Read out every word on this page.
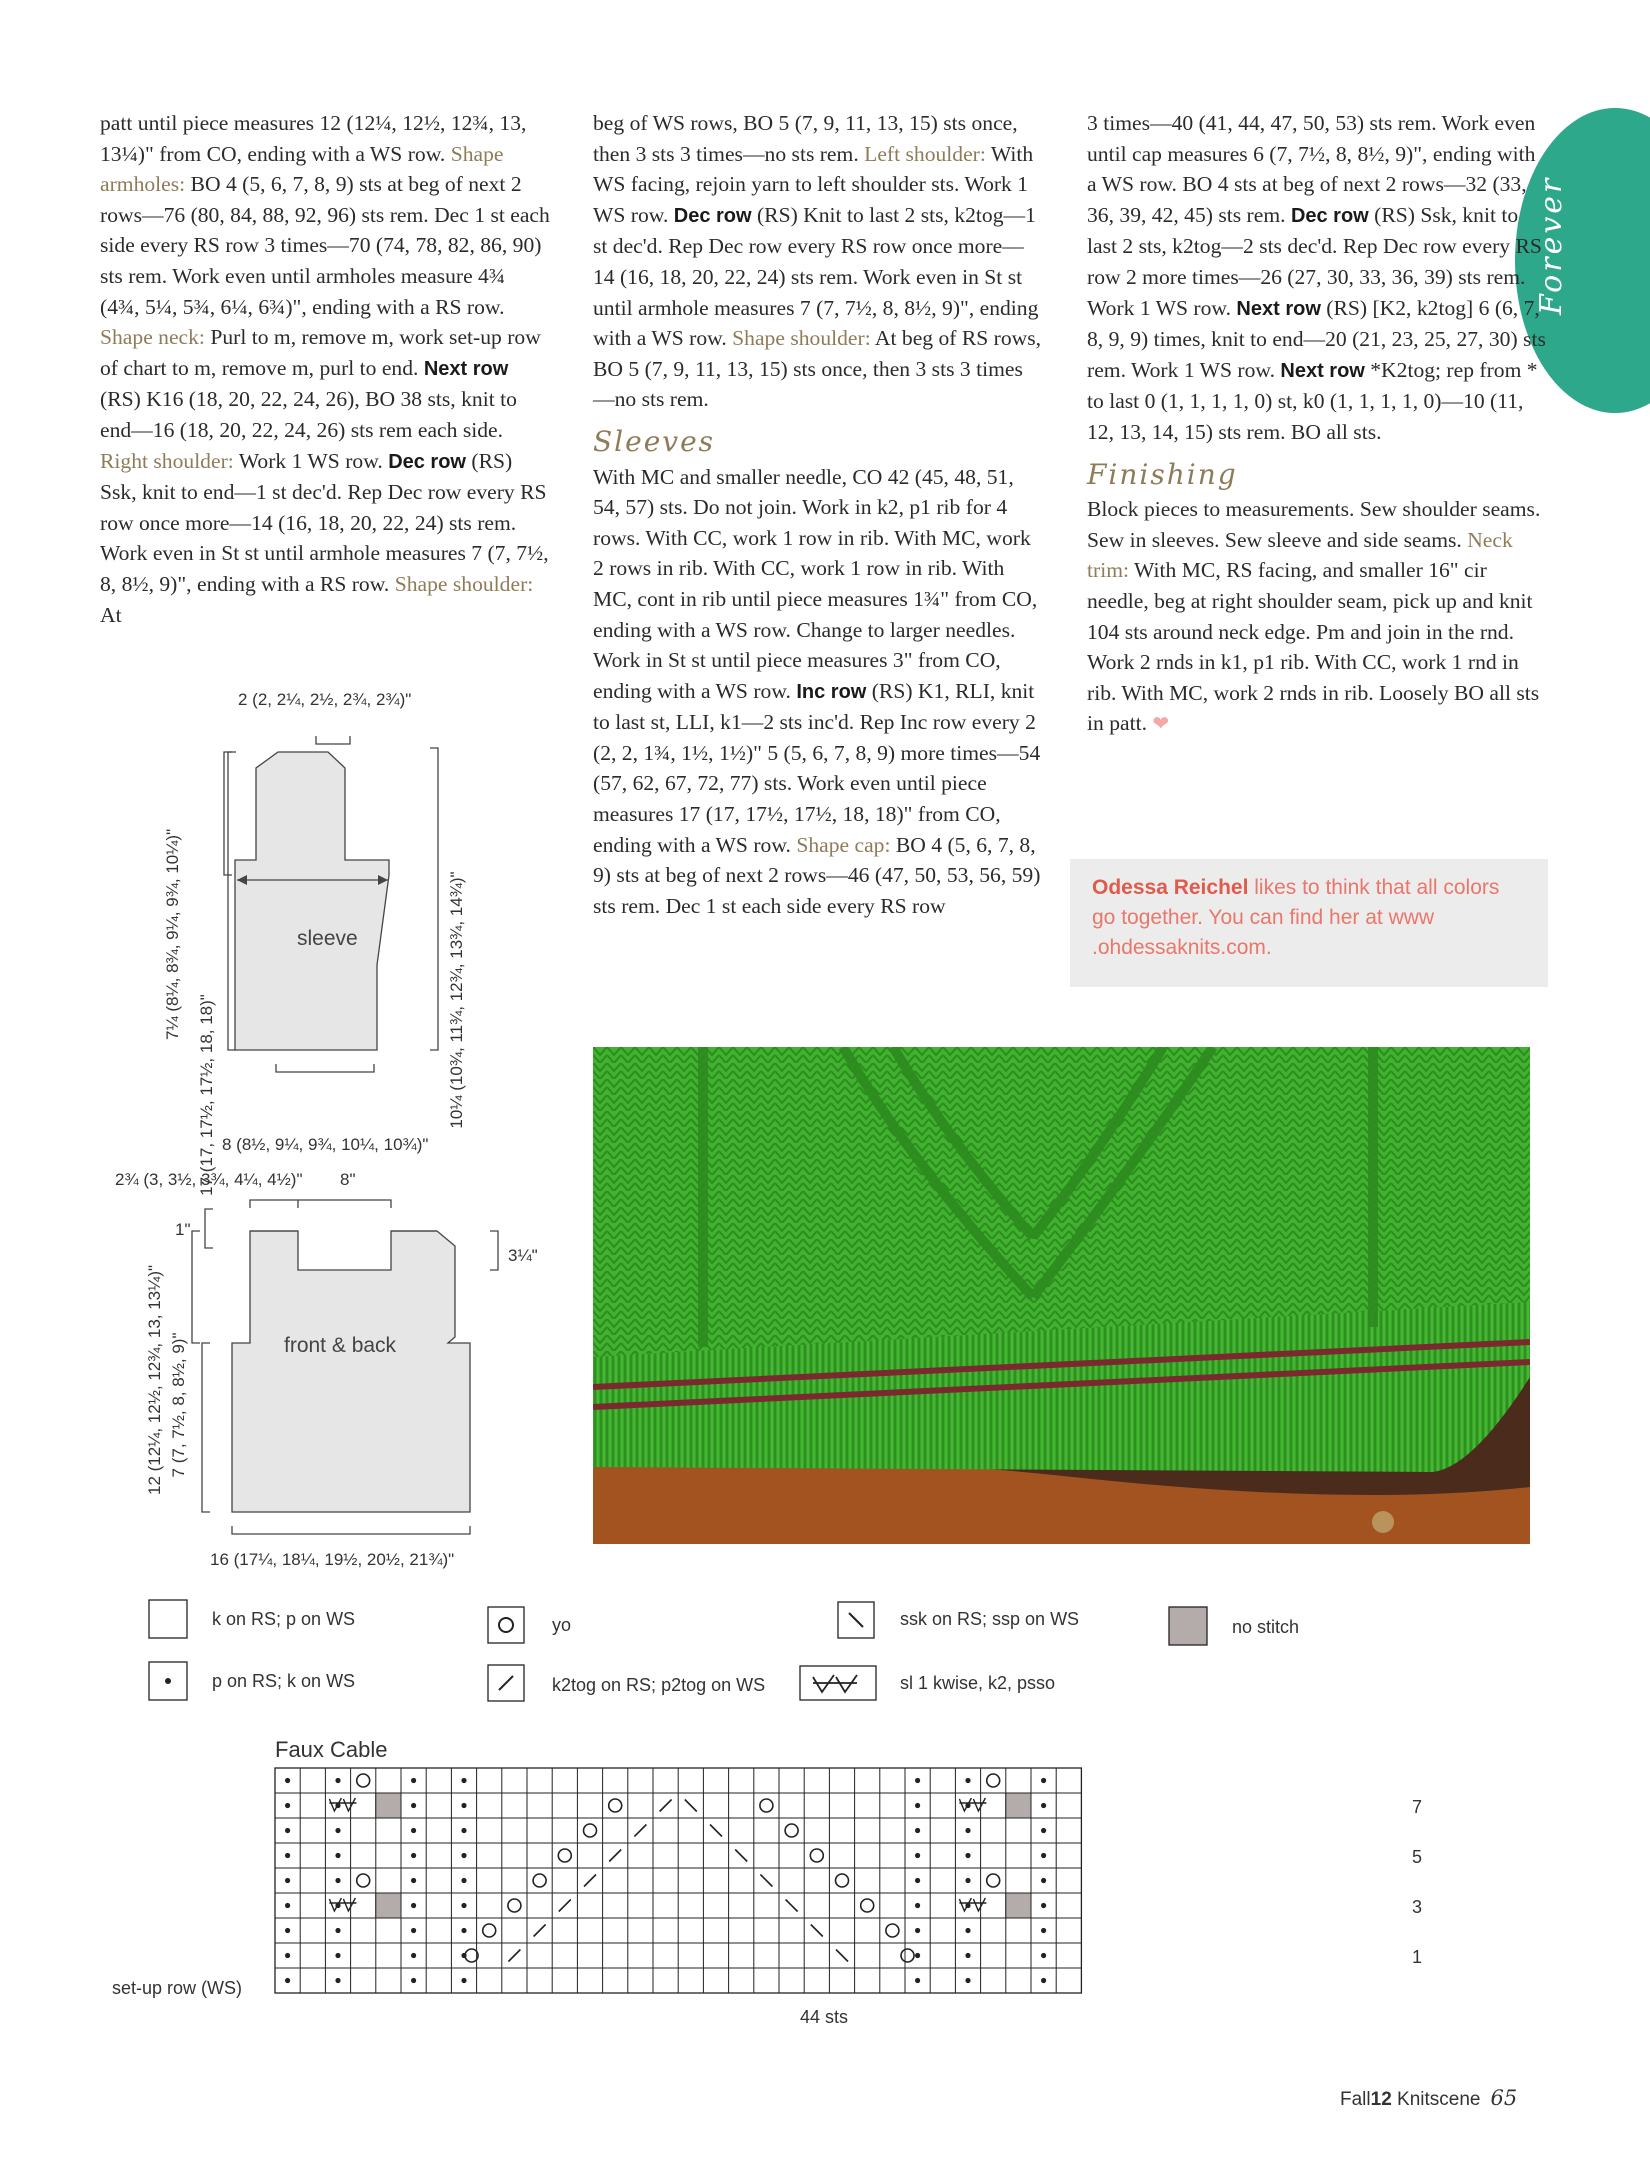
Forever

patt until piece measures 12 (12¼, 12½, 12¾, 13, 13¼)" from CO, ending with a WS row. Shape armholes: BO 4 (5, 6, 7, 8, 9) sts at beg of next 2 rows—76 (80, 84, 88, 92, 96) sts rem. Dec 1 st each side every RS row 3 times—70 (74, 78, 82, 86, 90) sts rem. Work even until armholes measure 4¾ (4¾, 5¼, 5¾, 6¼, 6¾)", ending with a RS row. Shape neck: Purl to m, remove m, work set-up row of chart to m, remove m, purl to end. Next row (RS) K16 (18, 20, 22, 24, 26), BO 38 sts, knit to end—16 (18, 20, 22, 24, 26) sts rem each side. Right shoulder: Work 1 WS row. Dec row (RS) Ssk, knit to end—1 st dec'd. Rep Dec row every RS row once more—14 (16, 18, 20, 22, 24) sts rem. Work even in St st until armhole measures 7 (7, 7½, 8, 8½, 9)", ending with a RS row. Shape shoulder: At

beg of WS rows, BO 5 (7, 9, 11, 13, 15) sts once, then 3 sts 3 times—no sts rem. Left shoulder: With WS facing, rejoin yarn to left shoulder sts. Work 1 WS row. Dec row (RS) Knit to last 2 sts, k2tog—1 st dec'd. Rep Dec row every RS row once more—14 (16, 18, 20, 22, 24) sts rem. Work even in St st until armhole measures 7 (7, 7½, 8, 8½, 9)", ending with a WS row. Shape shoulder: At beg of RS rows, BO 5 (7, 9, 11, 13, 15) sts once, then 3 sts 3 times—no sts rem.

Sleeves

With MC and smaller needle, CO 42 (45, 48, 51, 54, 57) sts. Do not join. Work in k2, p1 rib for 4 rows. With CC, work 1 row in rib. With MC, work 2 rows in rib. With CC, work 1 row in rib. With MC, cont in rib until piece measures 1¾" from CO, ending with a WS row. Change to larger needles. Work in St st until piece measures 3" from CO, ending with a WS row. Inc row (RS) K1, RLI, knit to last st, LLI, k1—2 sts inc'd. Rep Inc row every 2 (2, 2, 1¾, 1½, 1½)" 5 (5, 6, 7, 8, 9) more times—54 (57, 62, 67, 72, 77) sts. Work even until piece measures 17 (17, 17½, 17½, 18, 18)" from CO, ending with a WS row. Shape cap: BO 4 (5, 6, 7, 8, 9) sts at beg of next 2 rows—46 (47, 50, 53, 56, 59) sts rem. Dec 1 st each side every RS row

3 times—40 (41, 44, 47, 50, 53) sts rem. Work even until cap measures 6 (7, 7½, 8, 8½, 9)", ending with a WS row. BO 4 sts at beg of next 2 rows—32 (33, 36, 39, 42, 45) sts rem. Dec row (RS) Ssk, knit to last 2 sts, k2tog—2 sts dec'd. Rep Dec row every RS row 2 more times—26 (27, 30, 33, 36, 39) sts rem. Work 1 WS row. Next row (RS) [K2, k2tog] 6 (6, 7, 8, 9, 9) times, knit to end—20 (21, 23, 25, 27, 30) sts rem. Work 1 WS row. Next row *K2tog; rep from * to last 0 (1, 1, 1, 1, 0) st, k0 (1, 1, 1, 1, 0)—10 (11, 12, 13, 14, 15) sts rem. BO all sts.

Finishing

Block pieces to measurements. Sew shoulder seams. Sew in sleeves. Sew sleeve and side seams. Neck trim: With MC, RS facing, and smaller 16" cir needle, beg at right shoulder seam, pick up and knit 104 sts around neck edge. Pm and join in the rnd. Work 2 rnds in k1, p1 rib. With CC, work 1 rnd in rib. With MC, work 2 rnds in rib. Loosely BO all sts in patt. ❤

Odessa Reichel likes to think that all colors go together. You can find her at www .ohdessaknits.com.

2 (2, 2¼, 2½, 2¾, 2¾)"
7¼ (8¼, 8¾, 9¼, 9¾, 10¼)"
17 (17, 17½, 17½, 18, 18)"	10¼ (10¾, 11¾, 12¾, 13¾, 14¾)"
sleeve
8 (8½, 9¼, 9¾, 10¼, 10¾)"
2¾ (3, 3½, 3¾, 4¼, 4½)" 8"
1"
3¼"
7 (7, 7½, 8, 8½, 9)"
12 (12¼, 12½, 12¾, 13, 13¼)"	front & back
16 (17¼, 18¼, 19½, 20½, 21¾)"
k on RS; p on WS
p on RS; k on WS
yo
k2tog on RS; p2tog on WS
ssk on RS; ssp on WS
sl 1 kwise, k2, psso
no stitch
Faux Cable
7
5
3
1
set-up row (WS)
44 sts
Fall12 Knitscene 65
